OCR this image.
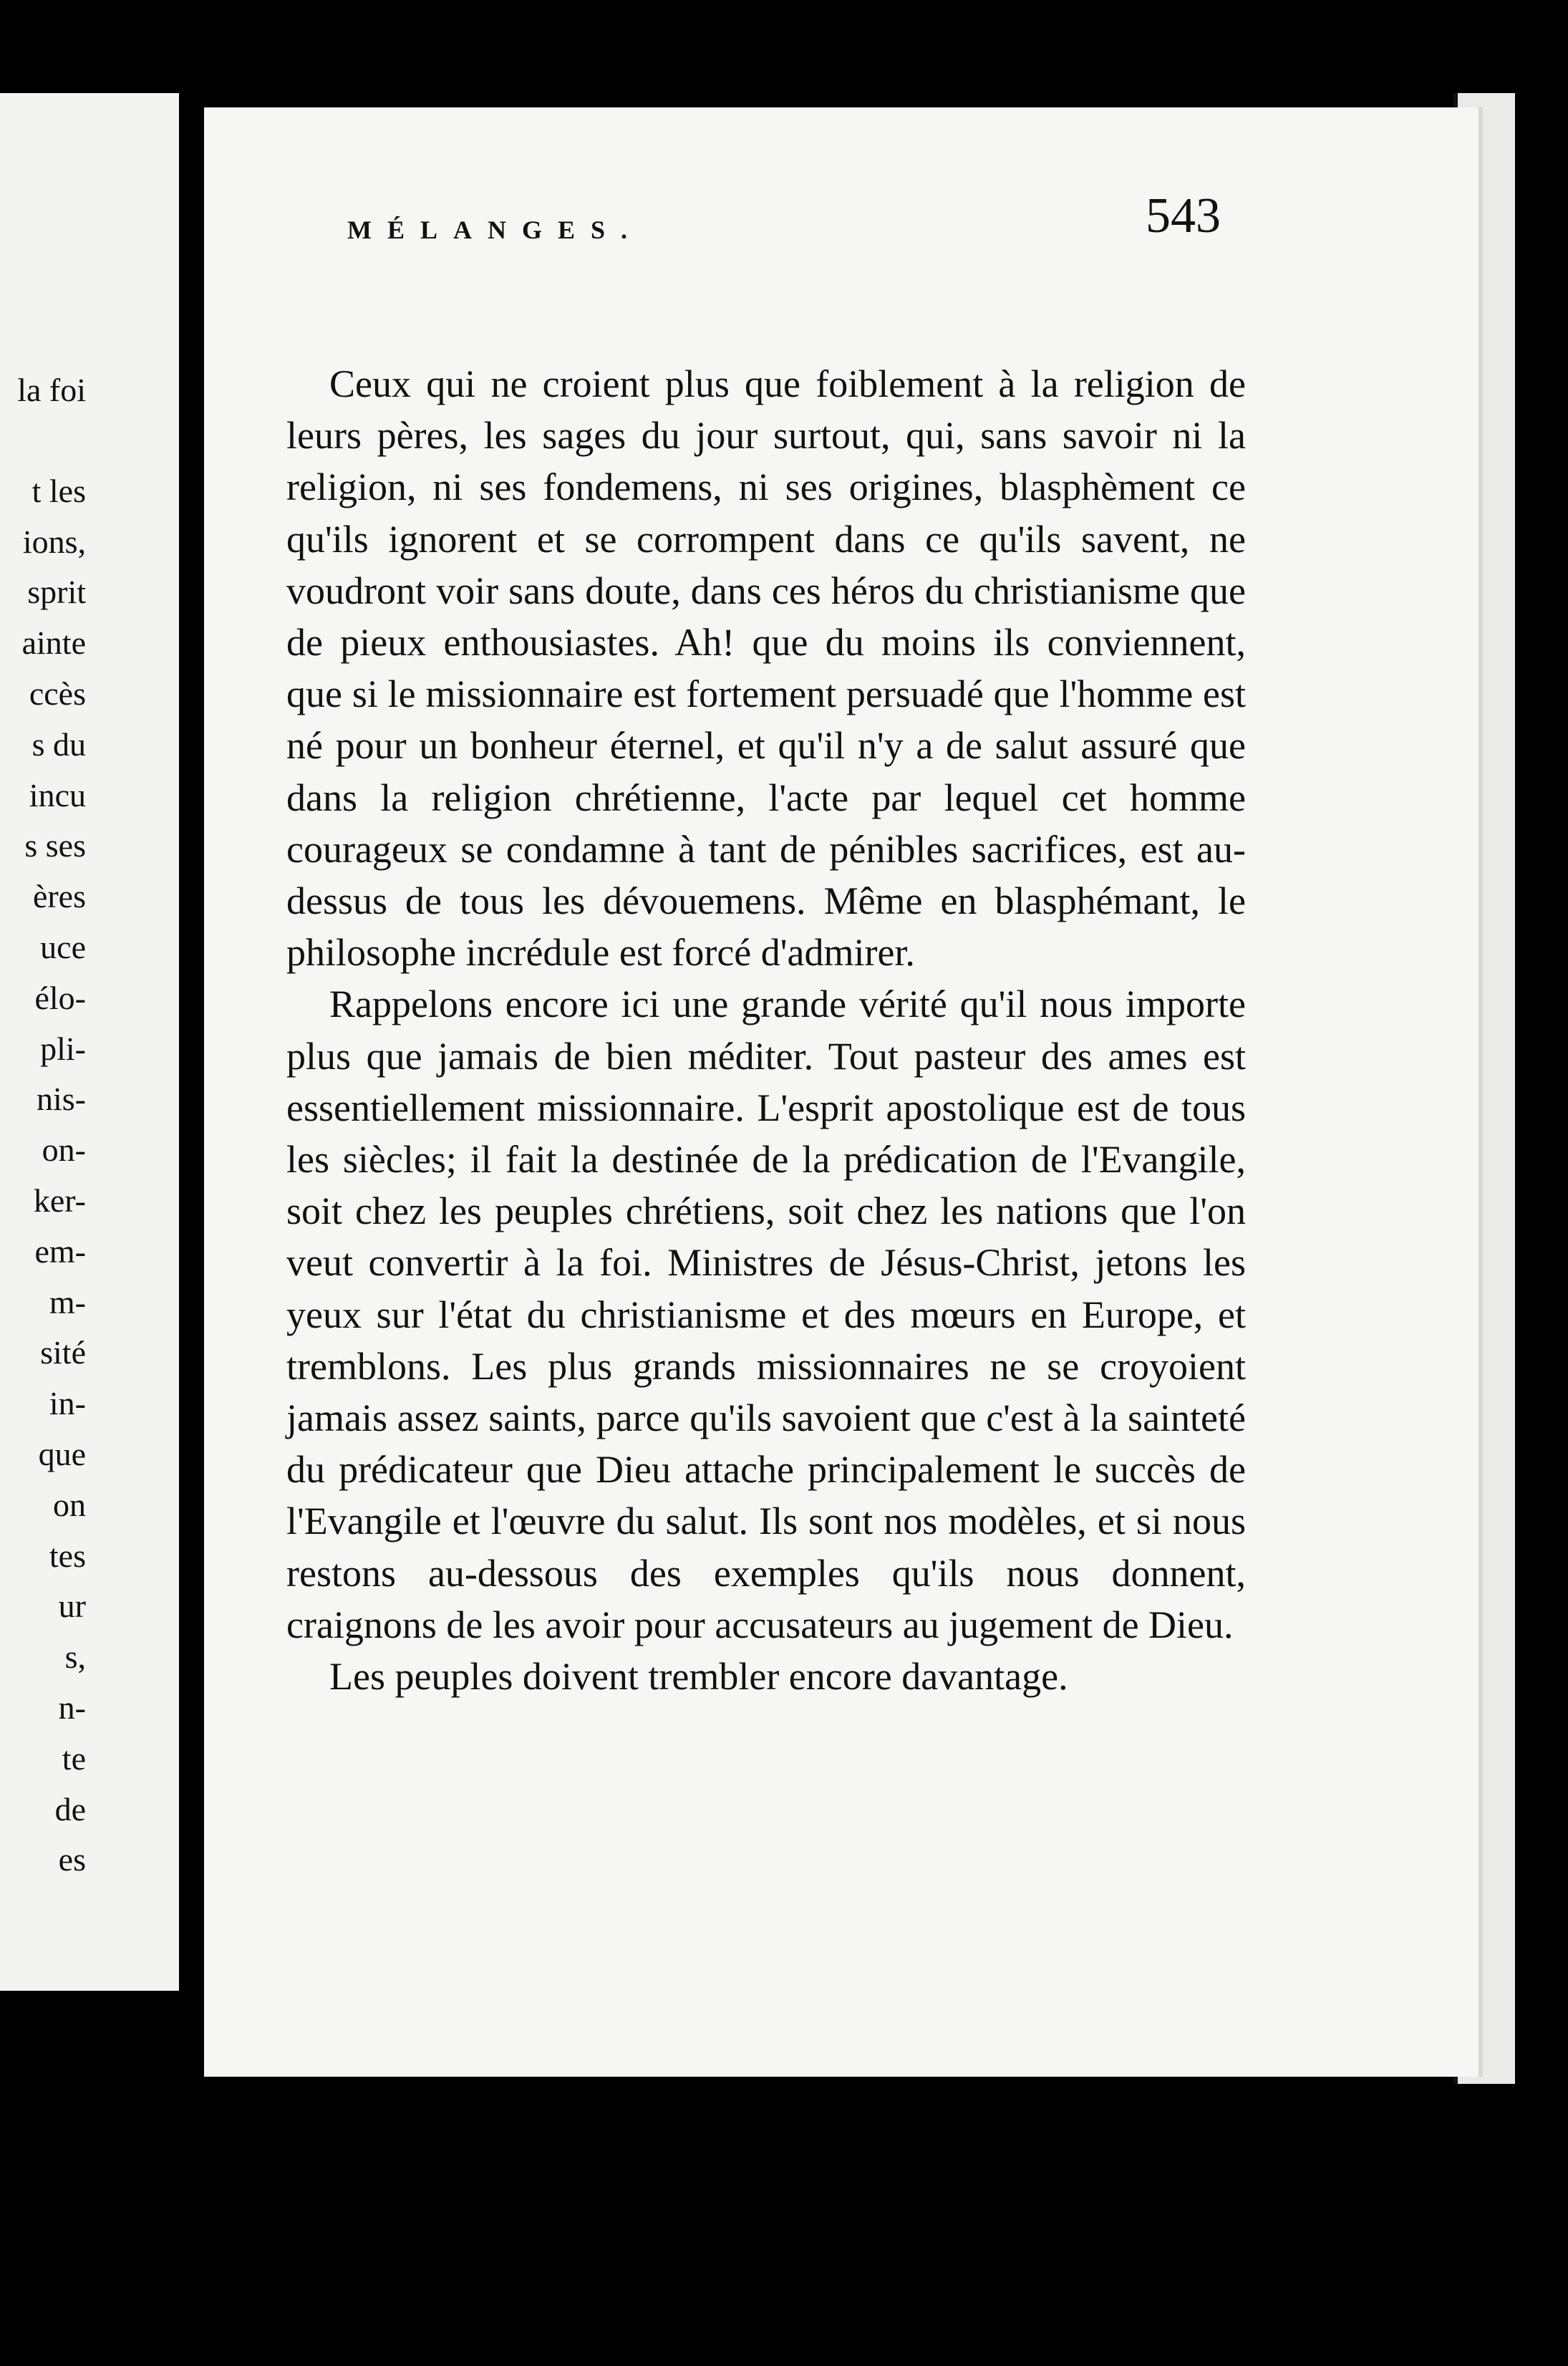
la foi
t les
ions,
sprit
ainte
ccès
s du
incu
s ses
ères
uce
élo-
pli-
nis-
on-
ker-
em-
m-
sité
in-
que
on
tes
ur
s,
n-
te
de
es
MÉLANGES.	543

Ceux qui ne croient plus que foiblement à la religion de leurs pères, les sages du jour surtout, qui, sans savoir ni la religion, ni ses fondemens, ni ses origines, blasphèment ce qu'ils ignorent et se corrompent dans ce qu'ils savent, ne voudront voir sans doute, dans ces héros du christianisme que de pieux enthousiastes. Ah! que du moins ils conviennent, que si le missionnaire est fortement persuadé que l'homme est né pour un bonheur éternel, et qu'il n'y a de salut assuré que dans la religion chrétienne, l'acte par lequel cet homme courageux se condamne à tant de pénibles sacrifices, est au-dessus de tous les dévouemens. Même en blasphémant, le philosophe incrédule est forcé d'admirer.

Rappelons encore ici une grande vérité qu'il nous importe plus que jamais de bien méditer. Tout pasteur des ames est essentiellement missionnaire. L'esprit apostolique est de tous les siècles; il fait la destinée de la prédication de l'Evangile, soit chez les peuples chrétiens, soit chez les nations que l'on veut convertir à la foi. Ministres de Jésus-Christ, jetons les yeux sur l'état du christianisme et des mœurs en Europe, et tremblons. Les plus grands missionnaires ne se croyoient jamais assez saints, parce qu'ils savoient que c'est à la sainteté du prédicateur que Dieu attache principalement le succès de l'Evangile et l'œuvre du salut. Ils sont nos modèles, et si nous restons au-dessous des exemples qu'ils nous donnent, craignons de les avoir pour accusateurs au jugement de Dieu.

Les peuples doivent trembler encore davantage.
